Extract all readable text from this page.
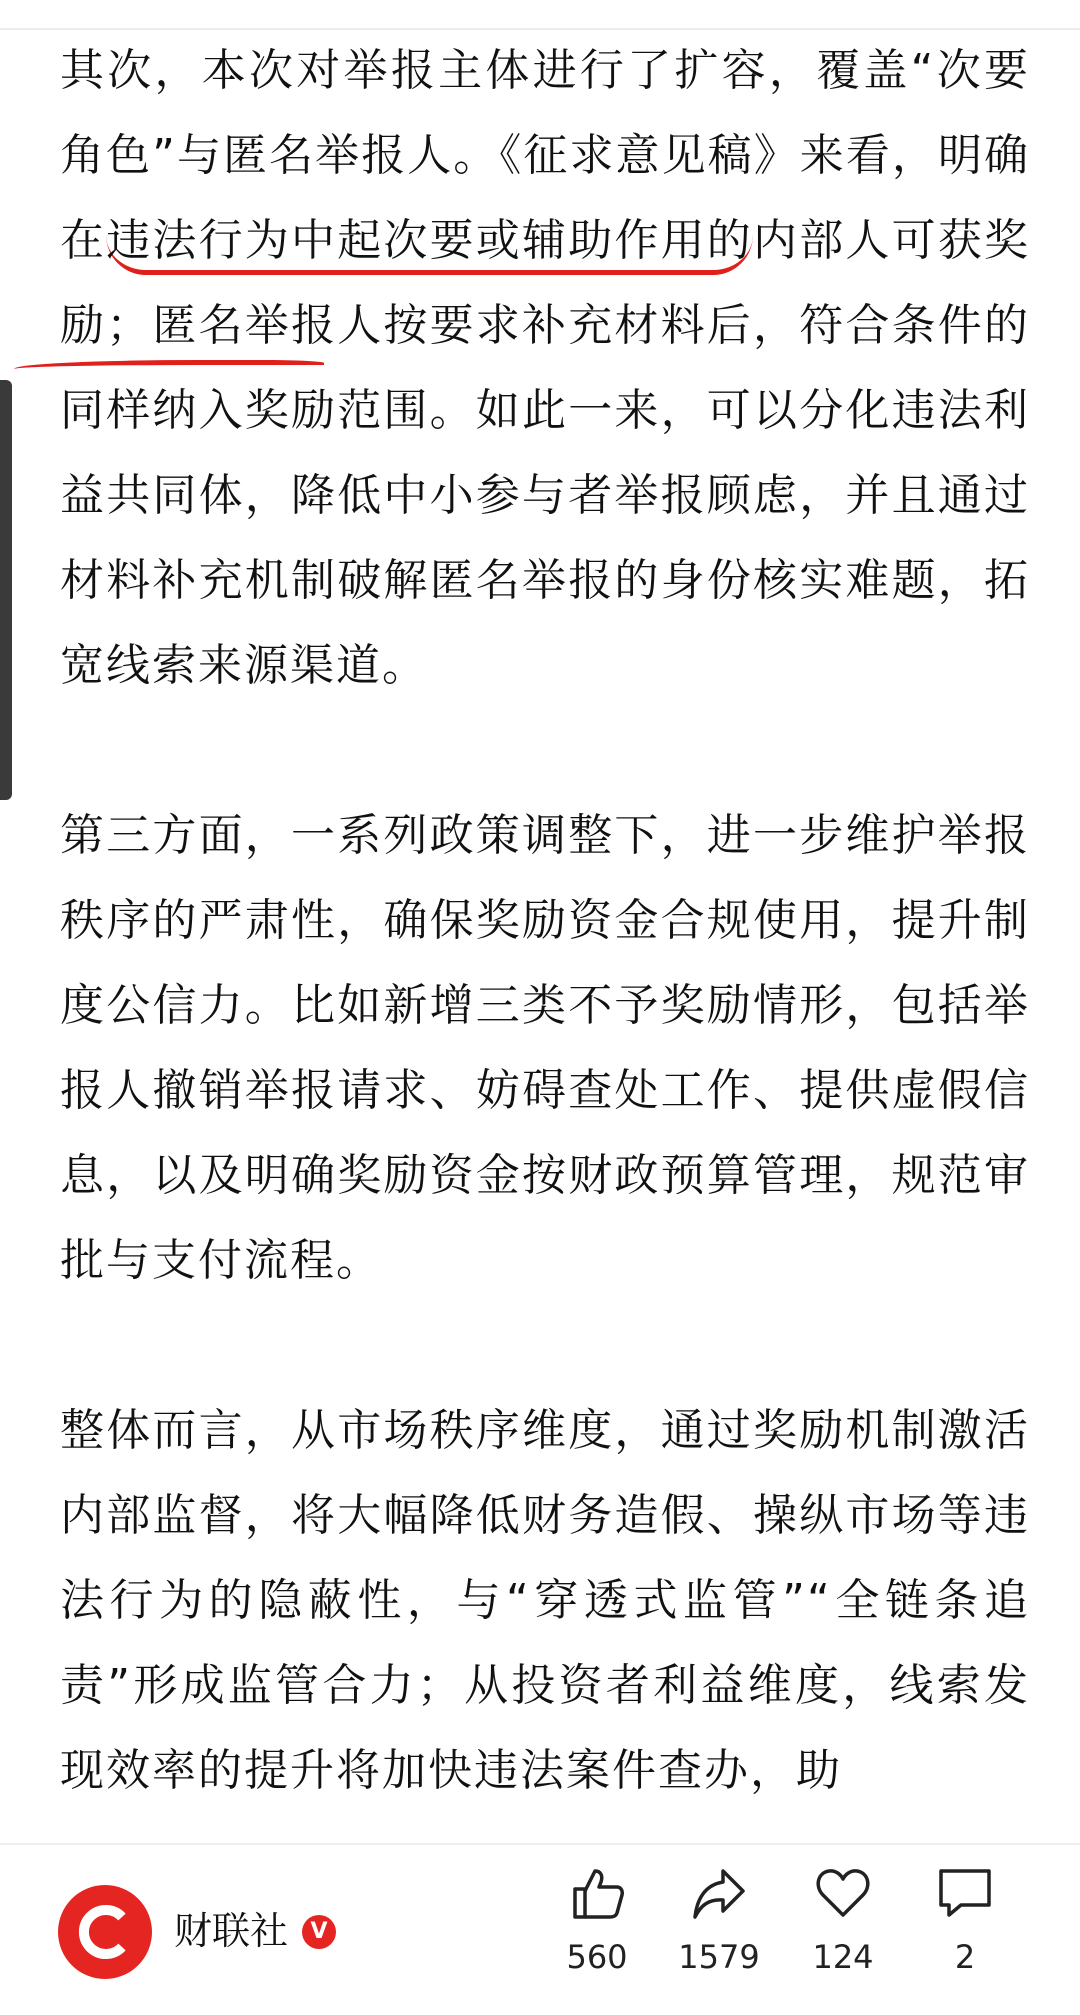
其次，本次对举报主体进行了扩容，覆盖“次要角色”与匿名举报人。《征求意见稿》来看，明确在违法行为中起次要或辅助作用的内部人可获奖励；匿名举报人按要求补充材料后，符合条件的同样纳入奖励范围。如此一来，可以分化违法利益共同体，降低中小参与者举报顾虑，并且通过材料补充机制破解匿名举报的身份核实难题，拓宽线索来源渠道。

第三方面，一系列政策调整下，进一步维护举报秩序的严肃性，确保奖励资金合规使用，提升制度公信力。比如新增三类不予奖励情形，包括举报人撤销举报请求、妨碍查处工作、提供虚假信息，以及明确奖励资金按财政预算管理，规范审批与支付流程。

整体而言，从市场秩序维度，通过奖励机制激活内部监督，将大幅降低财务造假、操纵市场等违法行为的隐蔽性，与“穿透式监管”“全链条追责”形成监管合力；从投资者利益维度，线索发现效率的提升将加快违法案件查办，助

财联社	V
560	1579	124	2
